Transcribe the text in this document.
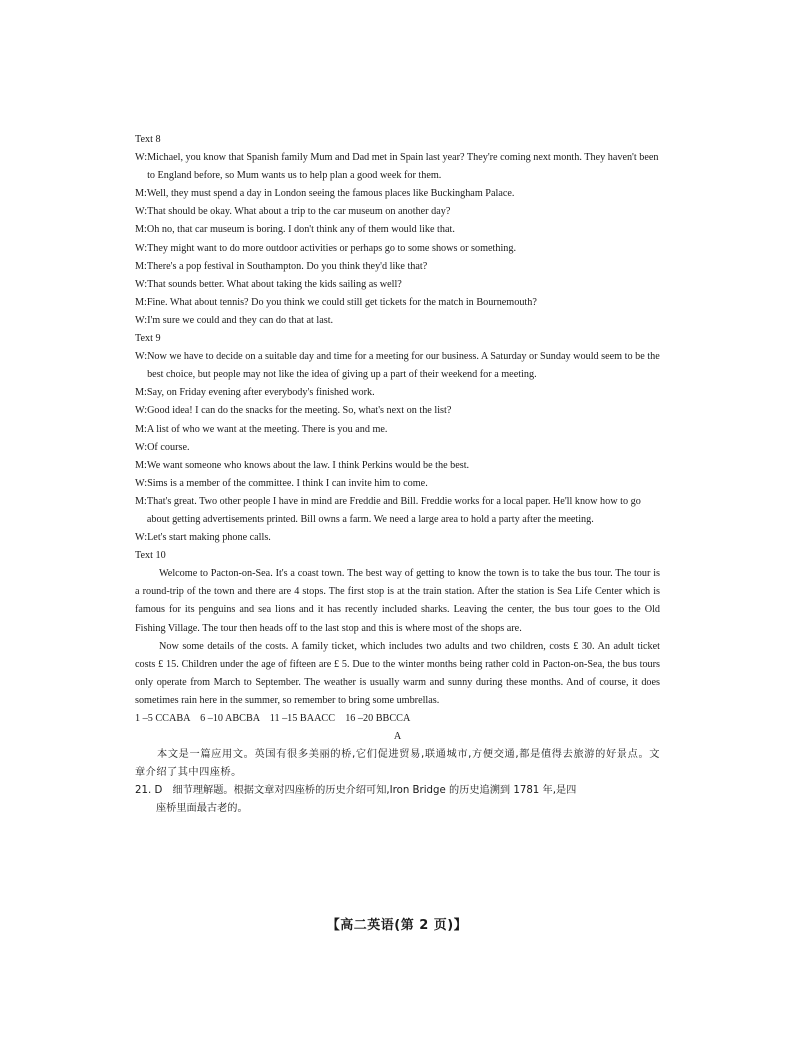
Text 8
W: Michael, you know that Spanish family Mum and Dad met in Spain last year? They're coming next month. They haven't been to England before, so Mum wants us to help plan a good week for them.
M: Well, they must spend a day in London seeing the famous places like Buckingham Palace.
W: That should be okay. What about a trip to the car museum on another day?
M: Oh no, that car museum is boring. I don't think any of them would like that.
W: They might want to do more outdoor activities or perhaps go to some shows or something.
M: There's a pop festival in Southampton. Do you think they'd like that?
W: That sounds better. What about taking the kids sailing as well?
M: Fine. What about tennis? Do you think we could still get tickets for the match in Bournemouth?
W: I'm sure we could and they can do that at last.
Text 9
W: Now we have to decide on a suitable day and time for a meeting for our business. A Saturday or Sunday would seem to be the best choice, but people may not like the idea of giving up a part of their weekend for a meeting.
M: Say, on Friday evening after everybody's finished work.
W: Good idea! I can do the snacks for the meeting. So, what's next on the list?
M: A list of who we want at the meeting. There is you and me.
W: Of course.
M: We want someone who knows about the law. I think Perkins would be the best.
W: Sims is a member of the committee. I think I can invite him to come.
M: That's great. Two other people I have in mind are Freddie and Bill. Freddie works for a local paper. He'll know how to go about getting advertisements printed. Bill owns a farm. We need a large area to hold a party after the meeting.
W: Let's start making phone calls.
Text 10
Welcome to Pacton-on-Sea. It's a coast town. The best way of getting to know the town is to take the bus tour. The tour is a round-trip of the town and there are 4 stops. The first stop is at the train station. After the station is Sea Life Center which is famous for its penguins and sea lions and it has recently included sharks. Leaving the center, the bus tour goes to the Old Fishing Village. The tour then heads off to the last stop and this is where most of the shops are.
Now some details of the costs. A family ticket, which includes two adults and two children, costs £ 30. An adult ticket costs £ 15. Children under the age of fifteen are £ 5. Due to the winter months being rather cold in Pacton-on-Sea, the bus tours only operate from March to September. The weather is usually warm and sunny during these months. And of course, it does sometimes rain here in the summer, so remember to bring some umbrellas.
1 –5 CCABA    6 –10 ABCBA    11 –15 BAACC    16 –20 BBCCA
A
本文是一篇应用文。英国有很多美丽的桥,它们促进贸易,联通城市,方便交通,都是值得去旅游的好景点。文章介绍了其中四座桥。
21. D　细节理解题。根据文章对四座桥的历史介绍可知,Iron Bridge 的历史追溯到 1781 年,是四
座桥里面最古老的。
【高二英语(第 2 页)】
